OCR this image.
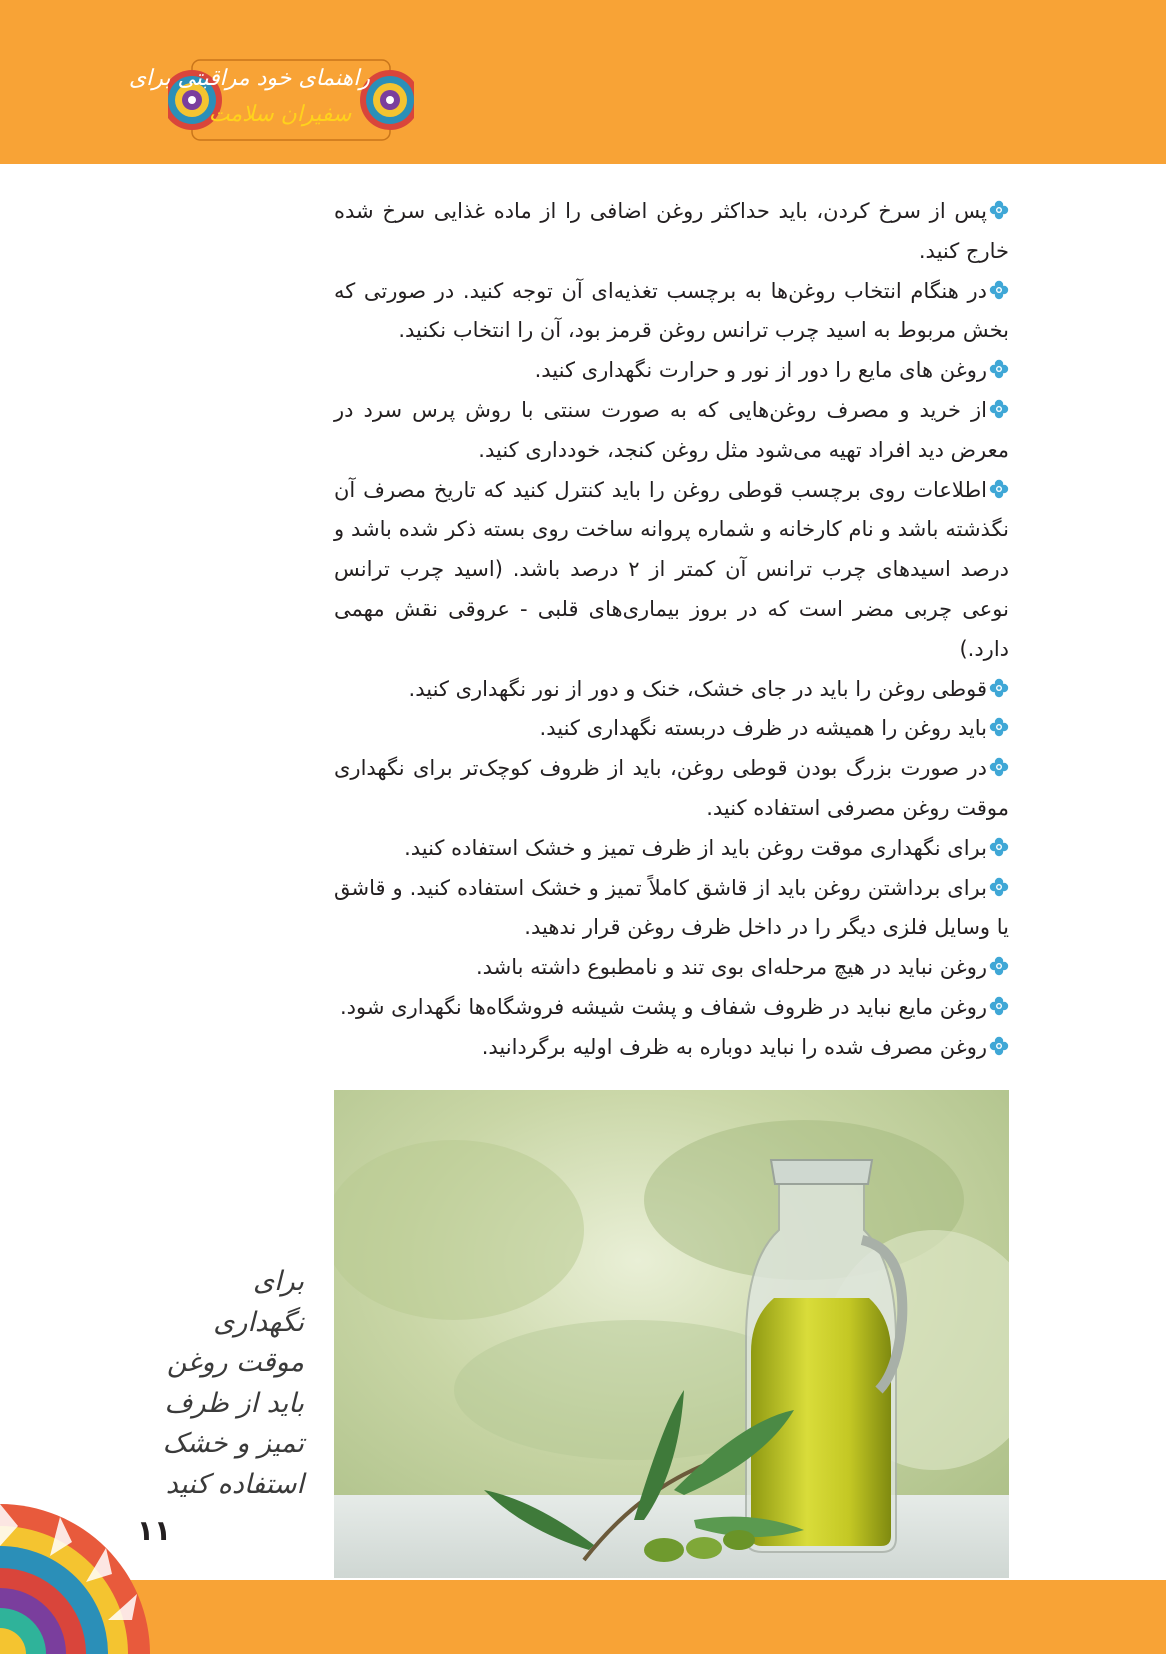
راهنمای خود مراقبتی برای
سفیران سلامت

پس از سرخ کردن، باید حداکثر روغن اضافی را از ماده غذایی سرخ شده خارج کنید.

در هنگام انتخاب روغن‌ها به برچسب تغذیه‌ای آن توجه کنید. در صورتی که بخش مربوط به اسید چرب ترانس روغن قرمز بود، آن را انتخاب نکنید.

روغن های مایع را دور از نور و حرارت نگهداری کنید.

از خرید و مصرف روغن‌هایی که به صورت سنتی با روش پرس سرد در معرض دید افراد تهیه می‌شود مثل روغن کنجد، خودداری کنید.

اطلاعات روی برچسب قوطی روغن را باید کنترل کنید که تاریخ مصرف آن نگذشته باشد و نام کارخانه و شماره پروانه ساخت روی بسته ذکر شده باشد و درصد اسیدهای چرب ترانس آن کمتر از ۲ درصد باشد. (اسید چرب ترانس نوعی چربی مضر است که در بروز بیماری‌های قلبی - عروقی نقش مهمی دارد.)

قوطی روغن را باید در جای خشک، خنک و دور از نور نگهداری کنید.

باید روغن را همیشه در ظرف دربسته نگهداری کنید.

در صورت بزرگ بودن قوطی روغن، باید از ظروف کوچک‌تر برای نگهداری موقت روغن مصرفی استفاده کنید.

برای نگهداری موقت روغن باید از ظرف تمیز و خشک استفاده کنید.

برای برداشتن روغن باید از قاشق کاملاً تمیز و خشک استفاده کنید. و قاشق یا وسایل فلزی دیگر را در داخل ظرف روغن قرار ندهید.

روغن نباید در هیچ مرحله‌ای بوی تند و نامطبوع داشته باشد.

روغن مایع نباید در ظروف شفاف و پشت شیشه فروشگاه‌ها نگهداری شود.

روغن مصرف شده را نباید دوباره به ظرف اولیه برگردانید.

برای
نگهداری
موقت روغن
باید از ظرف
تمیز و خشک
استفاده کنید
۱۱
